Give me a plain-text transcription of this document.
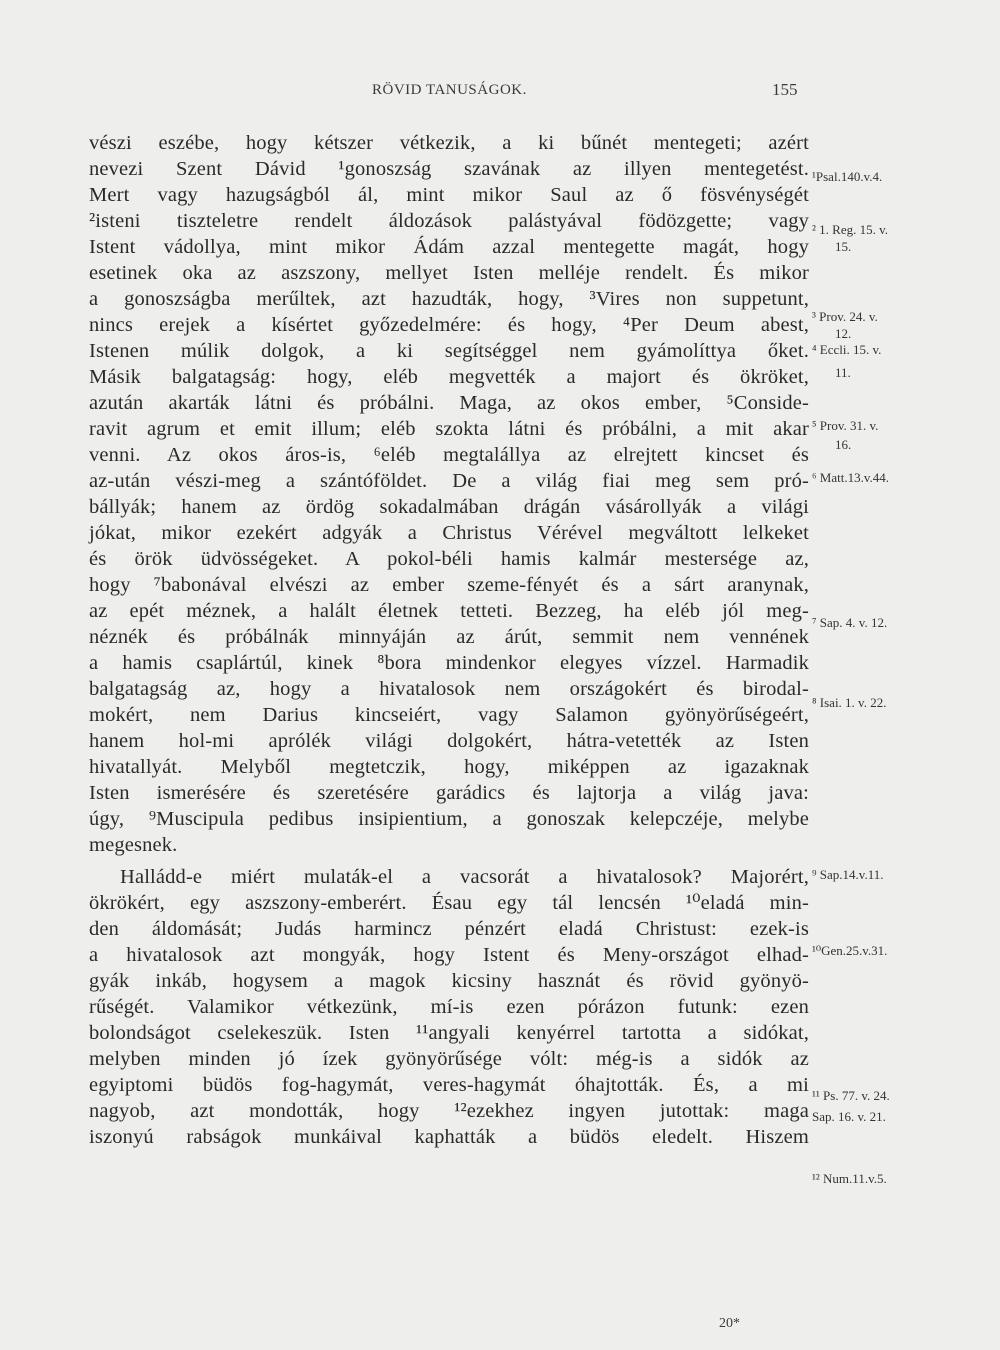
RÖVID TANUSÁGOK.	155
vészi eszébe, hogy kétszer vétkezik, a ki bűnét mentegeti; azért
nevezi Szent Dávid ¹gonoszság szavának az illyen mentegetést.
Mert vagy hazugságból ál, mint mikor Saul az ő fösvénységét
²isteni tiszteletre rendelt áldozások palástyával födözgette; vagy
Istent vádollya, mint mikor Ádám azzal mentegette magát, hogy
esetinek oka az aszszony, mellyet Isten melléje rendelt. És mikor
a gonoszságba merűltek, azt hazudták, hogy, ³Vires non suppetunt,
nincs erejek a kísértet győzedelmére: és hogy, ⁴Per Deum abest,
Istenen múlik dolgok, a ki segítséggel nem gyámolíttya őket.
Másik balgatagság: hogy, eléb megvették a majort és ökröket,
azután akarták látni és próbálni. Maga, az okos ember, ⁵Conside-
ravit agrum et emit illum; eléb szokta látni és próbálni, a mit akar
venni. Az okos áros-is, ⁶eléb megtalállya az elrejtett kincset és
az-után vészi-meg a szántóföldet. De a világ fiai meg sem pró-
bállyák; hanem az ördög sokadalmában drágán vásárollyák a világi
jókat, mikor ezekért adgyák a Christus Vérével megváltott lelkeket
és örök üdvösségeket. A pokol-béli hamis kalmár mestersége az,
hogy ⁷babonával elvészi az ember szeme-fényét és a sárt aranynak,
az epét méznek, a halált életnek tetteti. Bezzeg, ha eléb jól meg-
néznék és próbálnák minnyáján az árút, semmit nem vennének
a hamis csaplártúl, kinek ⁸bora mindenkor elegyes vízzel. Harmadik
balgatagság az, hogy a hivatalosok nem országokért és birodal-
mokért, nem Darius kincseiért, vagy Salamon gyönyörűségeért,
hanem hol-mi aprólék világi dolgokért, hátra-vetették az Isten
hivatallyát. Melyből megtetczik, hogy, miképpen az igazaknak
Isten ismerésére és szeretésére garádics és lajtorja a világ java:
úgy, ⁹Muscipula pedibus insipientium, a gonoszak kelepczéje, melybe
megesnek.
Halládd-e miért mulaták-el a vacsorát a hivatalosok? Majorért,
ökrökért, egy aszszony-emberért. Ésau egy tál lencsén ¹⁰eladá min-
den áldomását; Judás harmincz pénzért eladá Christust: ezek-is
a hivatalosok azt mongyák, hogy Istent és Meny-országot elhad-
gyák inkáb, hogysem a magok kicsiny hasznát és rövid gyönyö-
rűségét. Valamikor vétkezünk, mí-is ezen pórázon futunk: ezen
bolondságot cselekeszük. Isten ¹¹angyali kenyérrel tartotta a sidókat,
melyben minden jó ízek gyönyörűsége vólt: még-is a sidók az
egyiptomi büdös fog-hagymát, veres-hagymát óhajtották. És, a mi
nagyob, azt mondották, hogy ¹²ezekhez ingyen jutottak: maga
iszonyú rabságok munkáival kaphatták a büdös eledelt. Hiszem
¹Psal.140.v.4.
² 1. Reg. 15. v.
15.
³ Prov. 24. v.
12.
⁴ Eccli. 15. v.
11.
⁵ Prov. 31. v.
16.
⁶ Matt.13.v.44.
⁷ Sap. 4. v. 12.
⁸ Isai. 1. v. 22.
⁹ Sap.14.v.11.
¹⁰Gen.25.v.31.
¹¹ Ps. 77. v. 24.
Sap. 16. v. 21.
¹² Num.11.v.5.
20*
